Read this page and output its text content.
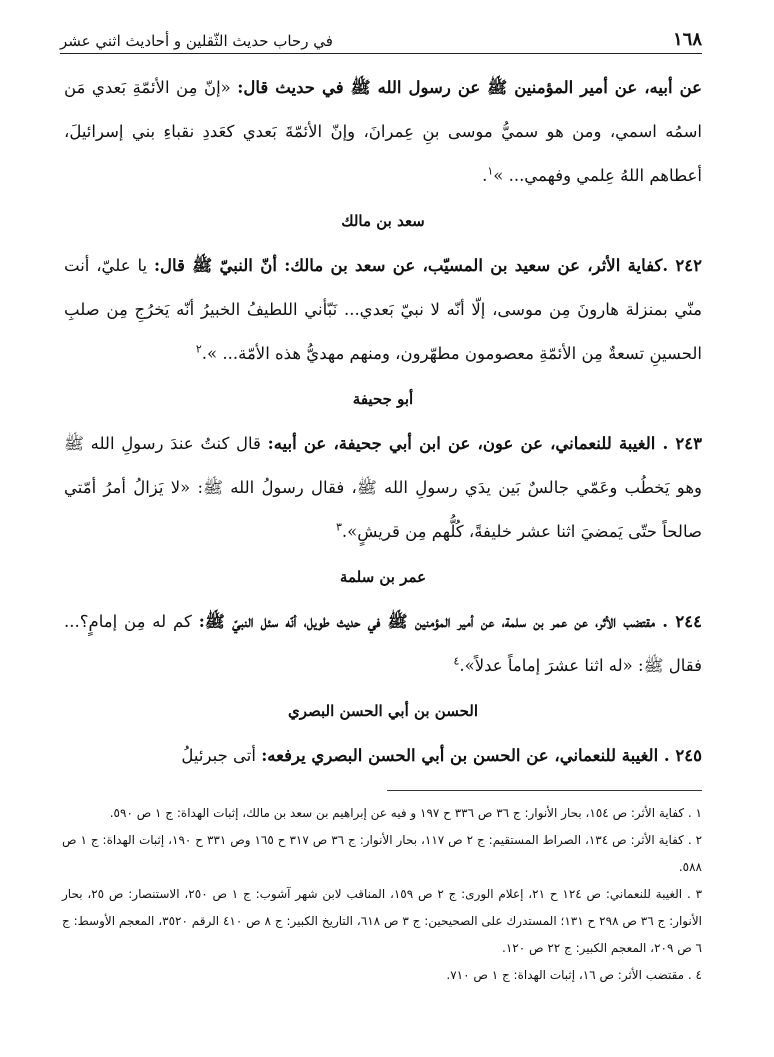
١٦٨
في رحاب حديث الثّقلين و أحاديث اثني عشر

عن أبيه، عن أمير المؤمنين ﷺ عن رسول الله ﷺ في حديث قال: «إنّ مِن الأئمّةِ بَعدي مَن اسمُه اسمي، ومن هو سميُّ موسى بنِ عِمرانَ، وإنّ الأئمّةَ بَعدي كعَددِ نقباءِ بني إسرائيلَ، أعطاهم اللهُ عِلمي وفهمي... »$^١$.

سعد بن مالك

٢٤٢ .كفاية الأثر، عن سعيد بن المسيّب، عن سعد بن مالك: أنّ النبيّ ﷺ قال: يا عليّ، أنت منّي بمنزلة هارونَ مِن موسى، إلّا أنّه لا نبيّ بَعدي... نَبّأني اللطيفُ الخبيرُ أنّه يَخرُجِ مِن صلبِ الحسينِ تسعةٌ مِن الأئمّةِ معصومون مطهّرون، ومنهم مهديُّ هذه الأمّة... ».$^٢$

أبو جحيفة

٢٤٣ . الغيبة للنعماني، عن عون، عن ابن أبي جحيفة، عن أبيه: قال كنتُ عندَ رسولِ الله ﷺ وهو يَخطُب وعَمّي جالسٌ بَين يدَي رسولِ الله ﷺ، فقال رسولُ الله ﷺ: «لا يَزالُ أمرُ أمّتي صالحاً حتّى يَمضيَ اثنا عشر خليفةً، كُلُّهم مِن قريشٍ».$^٣$

عمر بن سلمة

٢٤٤ . مقتضب الأثر، عن عمر بن سلمة، عن أمير المؤمنين ﷺ في حديث طويل، أنّه سئل النبيّ ﷺ: كم له مِن إمامٍ؟... فقال ﷺ: «له اثنا عشرَ إماماً عدلاً».$^٤$

الحسن بن أبي الحسن البصري

٢٤٥ . الغيبة للنعماني، عن الحسن بن أبي الحسن البصري يرفعه: أتى جبرئيلُ

١ . كفاية الأثر: ص ١٥٤، بحار الأنوار: ج ٣٦ ص ٣٣٦ ح ١٩٧ و فيه عن إبراهيم بن سعد بن مالك، إثبات الهداة: ج ١ ص ٥٩٠.

٢ . كفاية الأثر: ص ١٣٤، الصراط المستقيم: ج ٢ ص ١١٧، بحار الأنوار: ج ٣٦ ص ٣١٧ ح ١٦٥ وص ٣٣١ ح ١٩٠، إثبات الهداة: ج ١ ص ٥٨٨.

٣ . الغيبة للنعماني: ص ١٢٤ ح ٢١، إعلام الورى: ج ٢ ص ١٥٩، المناقب لابن شهر آشوب: ج ١ ص ٢٥٠، الاستنصار: ص ٢٥، بحار الأنوار: ج ٣٦ ص ٢٩٨ ح ١٣١؛ المستدرك على الصحيحين: ج ٣ ص ٦١٨، التاريخ الكبير: ج ٨ ص ٤١٠ الرقم ٣٥٢٠، المعجم الأوسط: ج ٦ ص ٢٠٩، المعجم الكبير: ج ٢٢ ص ١٢٠.

٤ . مقتضب الأثر: ص ١٦، إثبات الهداة: ج ١ ص ٧١٠.
